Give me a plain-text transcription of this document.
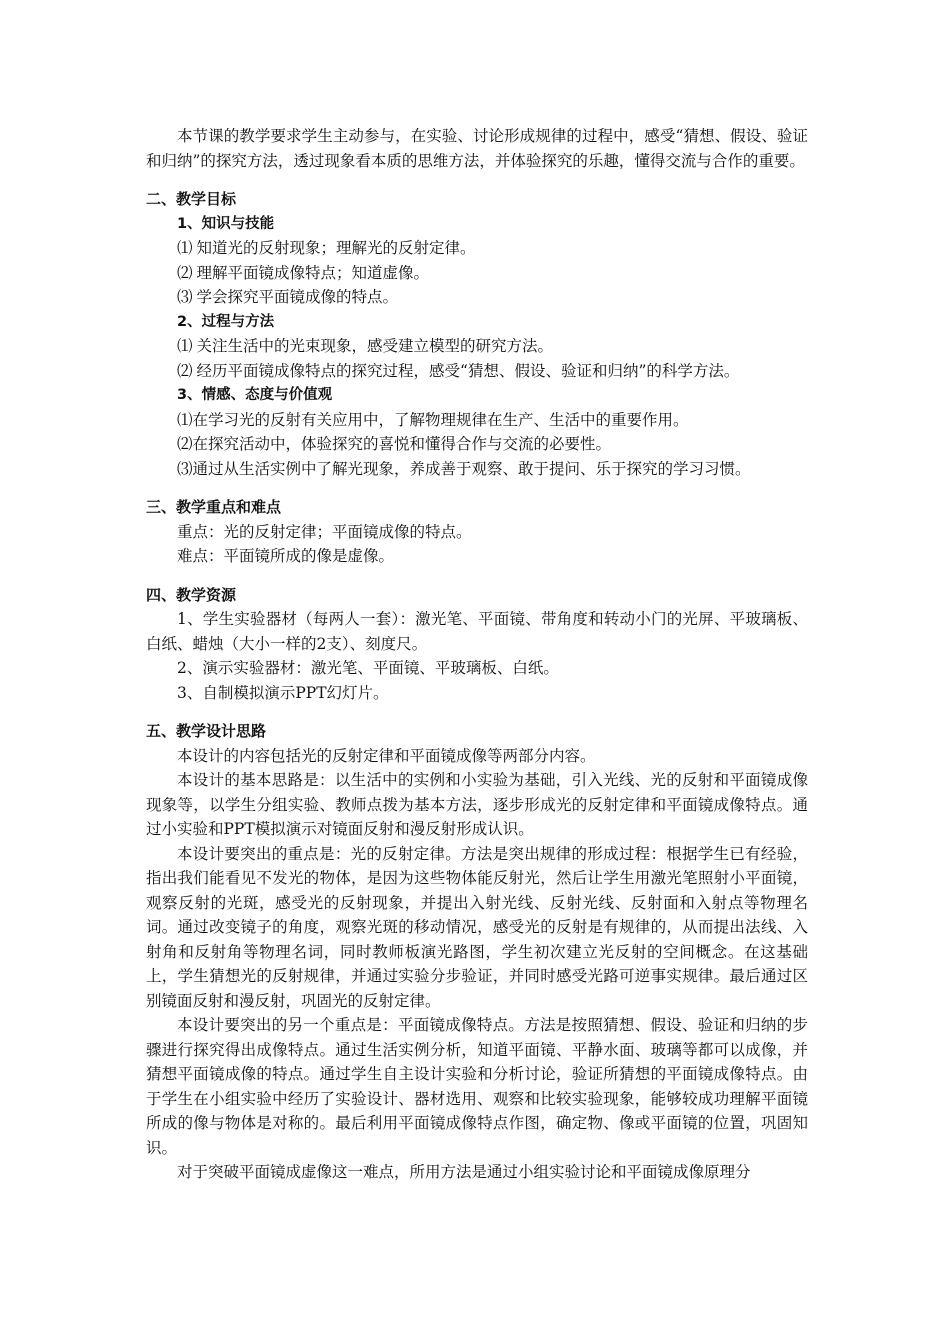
本节课的教学要求学生主动参与，在实验、讨论形成规律的过程中，感受“猜想、假设、验证和归纳”的探究方法，透过现象看本质的思维方法，并体验探究的乐趣，懂得交流与合作的重要。

二、教学目标

1、知识与技能

⑴ 知道光的反射现象；理解光的反射定律。

⑵ 理解平面镜成像特点；知道虚像。

⑶ 学会探究平面镜成像的特点。

2、过程与方法

⑴ 关注生活中的光束现象，感受建立模型的研究方法。

⑵ 经历平面镜成像特点的探究过程，感受“猜想、假设、验证和归纳”的科学方法。

3、情感、态度与价值观

⑴在学习光的反射有关应用中，了解物理规律在生产、生活中的重要作用。

⑵在探究活动中，体验探究的喜悦和懂得合作与交流的必要性。

⑶通过从生活实例中了解光现象，养成善于观察、敢于提问、乐于探究的学习习惯。

三、教学重点和难点

重点：光的反射定律；平面镜成像的特点。

难点：平面镜所成的像是虚像。

四、教学资源

1、学生实验器材（每两人一套）：激光笔、平面镜、带角度和转动小门的光屏、平玻璃板、白纸、蜡烛（大小一样的2支）、刻度尺。

2、演示实验器材：激光笔、平面镜、平玻璃板、白纸。

3、自制模拟演示PPT幻灯片。

五、教学设计思路

本设计的内容包括光的反射定律和平面镜成像等两部分内容。

本设计的基本思路是：以生活中的实例和小实验为基础，引入光线、光的反射和平面镜成像现象等，以学生分组实验、教师点拨为基本方法，逐步形成光的反射定律和平面镜成像特点。通过小实验和PPT模拟演示对镜面反射和漫反射形成认识。

本设计要突出的重点是：光的反射定律。方法是突出规律的形成过程：根据学生已有经验，指出我们能看见不发光的物体，是因为这些物体能反射光，然后让学生用激光笔照射小平面镜，观察反射的光斑，感受光的反射现象，并提出入射光线、反射光线、反射面和入射点等物理名词。通过改变镜子的角度，观察光斑的移动情况，感受光的反射是有规律的，从而提出法线、入射角和反射角等物理名词，同时教师板演光路图，学生初次建立光反射的空间概念。在这基础上，学生猜想光的反射规律，并通过实验分步验证，并同时感受光路可逆事实规律。最后通过区别镜面反射和漫反射，巩固光的反射定律。

本设计要突出的另一个重点是：平面镜成像特点。方法是按照猜想、假设、验证和归纳的步骤进行探究得出成像特点。通过生活实例分析，知道平面镜、平静水面、玻璃等都可以成像，并猜想平面镜成像的特点。通过学生自主设计实验和分析讨论，验证所猜想的平面镜成像特点。由于学生在小组实验中经历了实验设计、器材选用、观察和比较实验现象，能够较成功理解平面镜所成的像与物体是对称的。最后利用平面镜成像特点作图，确定物、像或平面镜的位置，巩固知识。

对于突破平面镜成虚像这一难点，所用方法是通过小组实验讨论和平面镜成像原理分
